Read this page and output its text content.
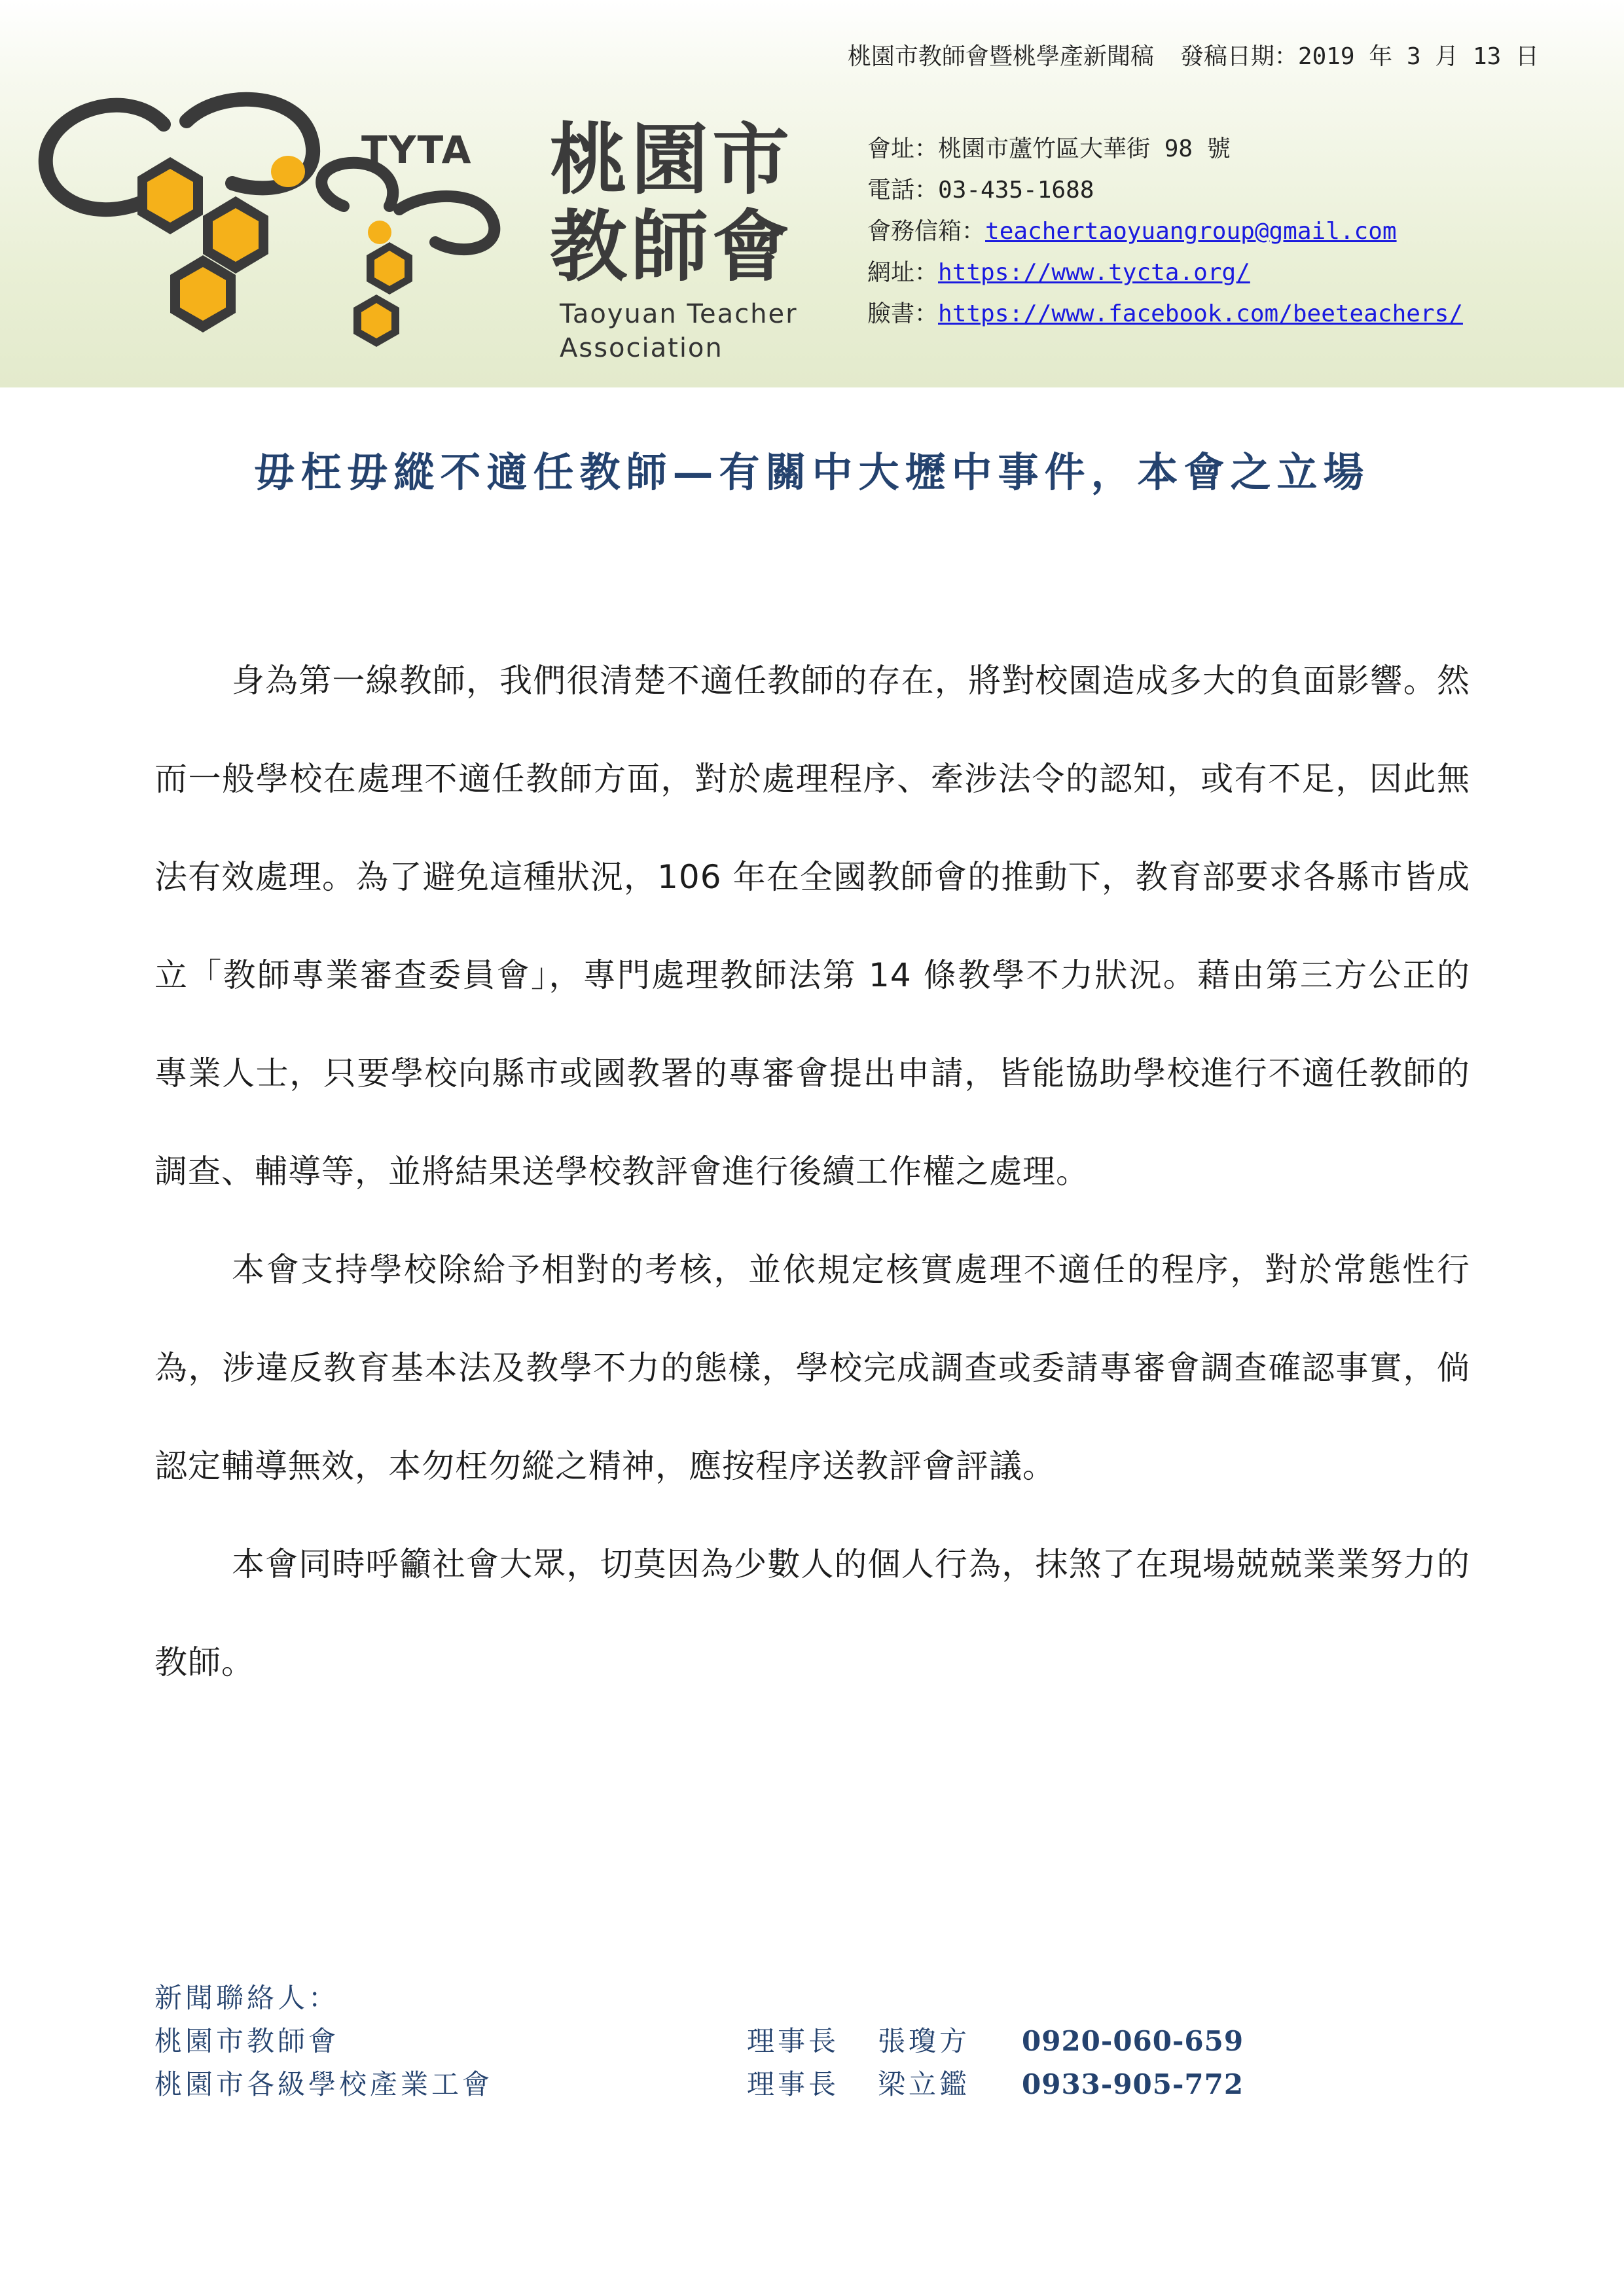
桃園市教師會暨桃學產新聞稿 發稿日期：2019 年 3 月 13 日
TYTA 桃園市
教師會
Taoyuan Teacher
Association
會址：桃園市蘆竹區大華街 98 號
電話：03-435-1688
會務信箱：teachertaoyuangroup@gmail.com
網址：https://www.tycta.org/
臉書：https://www.facebook.com/beeteachers/
毋枉毋縱不適任教師—有關中大壢中事件，本會之立場

身為第一線教師，我們很清楚不適任教師的存在，將對校園造成多大的負面影響。然而一般學校在處理不適任教師方面，對於處理程序、牽涉法令的認知，或有不足，因此無法有效處理。為了避免這種狀況，106 年在全國教師會的推動下，教育部要求各縣市皆成立「教師專業審查委員會」，專門處理教師法第 14 條教學不力狀況。藉由第三方公正的專業人士，只要學校向縣市或國教署的專審會提出申請，皆能協助學校進行不適任教師的調查、輔導等，並將結果送學校教評會進行後續工作權之處理。

本會支持學校除給予相對的考核，並依規定核實處理不適任的程序，對於常態性行為，涉違反教育基本法及教學不力的態樣，學校完成調查或委請專審會調查確認事實，倘認定輔導無效，本勿枉勿縱之精神，應按程序送教評會評議。

本會同時呼籲社會大眾，切莫因為少數人的個人行為，抹煞了在現場兢兢業業努力的教師。

新聞聯絡人：
桃園市教師會	理事長 張瓊方 0920-060-659
桃園市各級學校產業工會	理事長 梁立鑑 0933-905-772
